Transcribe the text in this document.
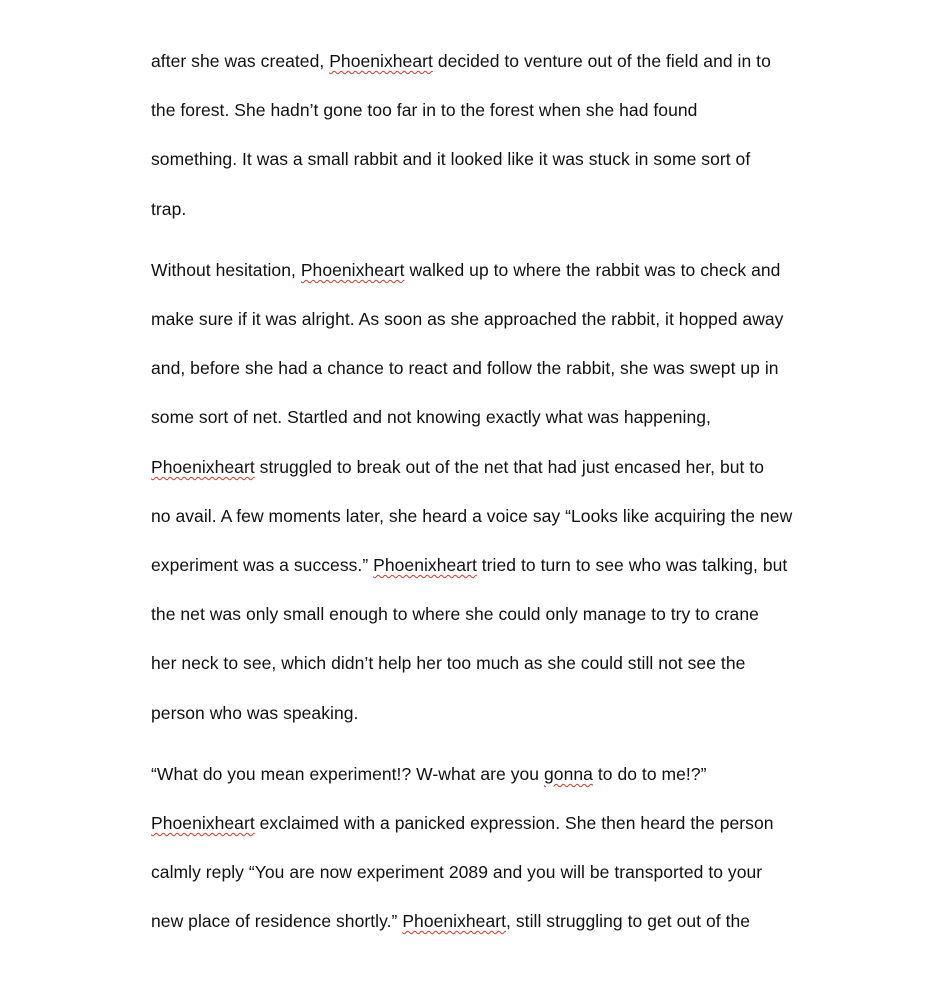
after she was created, Phoenixheart decided to venture out of the field and in to

the forest. She hadn’t gone too far in to the forest when she had found

something. It was a small rabbit and it looked like it was stuck in some sort of

trap.

Without hesitation, Phoenixheart walked up to where the rabbit was to check and

make sure if it was alright. As soon as she approached the rabbit, it hopped away

and, before she had a chance to react and follow the rabbit, she was swept up in

some sort of net. Startled and not knowing exactly what was happening,

Phoenixheart struggled to break out of the net that had just encased her, but to

no avail. A few moments later, she heard a voice say “Looks like acquiring the new

experiment was a success.” Phoenixheart tried to turn to see who was talking, but

the net was only small enough to where she could only manage to try to crane

her neck to see, which didn’t help her too much as she could still not see the

person who was speaking.

“What do you mean experiment!? W-what are you gonna to do to me!?”

Phoenixheart exclaimed with a panicked expression. She then heard the person

calmly reply “You are now experiment 2089 and you will be transported to your

new place of residence shortly.” Phoenixheart, still struggling to get out of the
